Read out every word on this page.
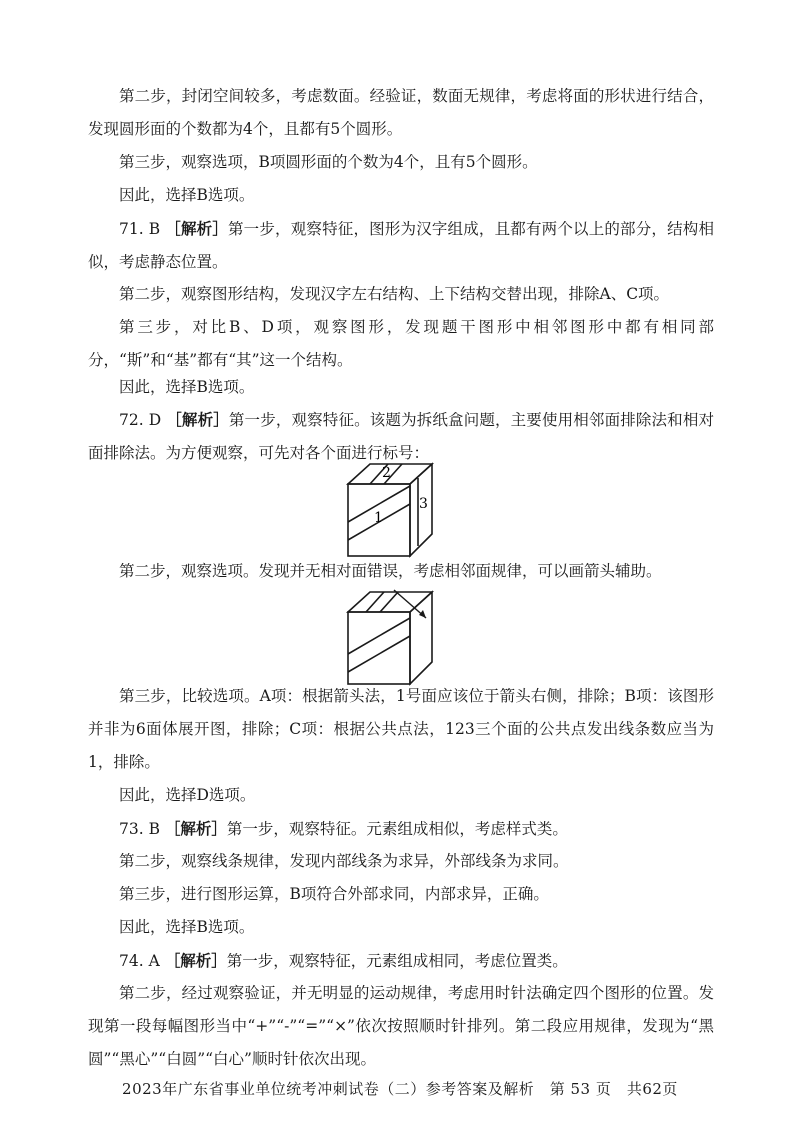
第二步，封闭空间较多，考虑数面。经验证，数面无规律，考虑将面的形状进行结合，发现圆形面的个数都为4个，且都有5个圆形。

第三步，观察选项，B项圆形面的个数为4个，且有5个圆形。

因此，选择B选项。

71. B ［解析］第一步，观察特征，图形为汉字组成，且都有两个以上的部分，结构相似，考虑静态位置。

第二步，观察图形结构，发现汉字左右结构、上下结构交替出现，排除A、C项。

第三步，对比B、D项，观察图形，发现题干图形中相邻图形中都有相同部分，“斯”和“基”都有“其”这一个结构。

因此，选择B选项。

72. D ［解析］第一步，观察特征。该题为拆纸盒问题，主要使用相邻面排除法和相对面排除法。为方便观察，可先对各个面进行标号：

2
3
1

第二步，观察选项。发现并无相对面错误，考虑相邻面规律，可以画箭头辅助。

第三步，比较选项。A项：根据箭头法，1号面应该位于箭头右侧，排除；B项：该图形并非为6面体展开图，排除；C项：根据公共点法，123三个面的公共点发出线条数应当为1，排除。

因此，选择D选项。

73. B ［解析］第一步，观察特征。元素组成相似，考虑样式类。

第二步，观察线条规律，发现内部线条为求异，外部线条为求同。

第三步，进行图形运算，B项符合外部求同，内部求异，正确。

因此，选择B选项。

74. A ［解析］第一步，观察特征，元素组成相同，考虑位置类。

第二步，经过观察验证，并无明显的运动规律，考虑用时针法确定四个图形的位置。发现第一段每幅图形当中“+”“-”“=”“×”依次按照顺时针排列。第二段应用规律，发现为“黑圆”“黑心”“白圆”“白心”顺时针依次出现。

2023年广东省事业单位统考冲刺试卷（二）参考答案及解析　第 53 页　共62页
